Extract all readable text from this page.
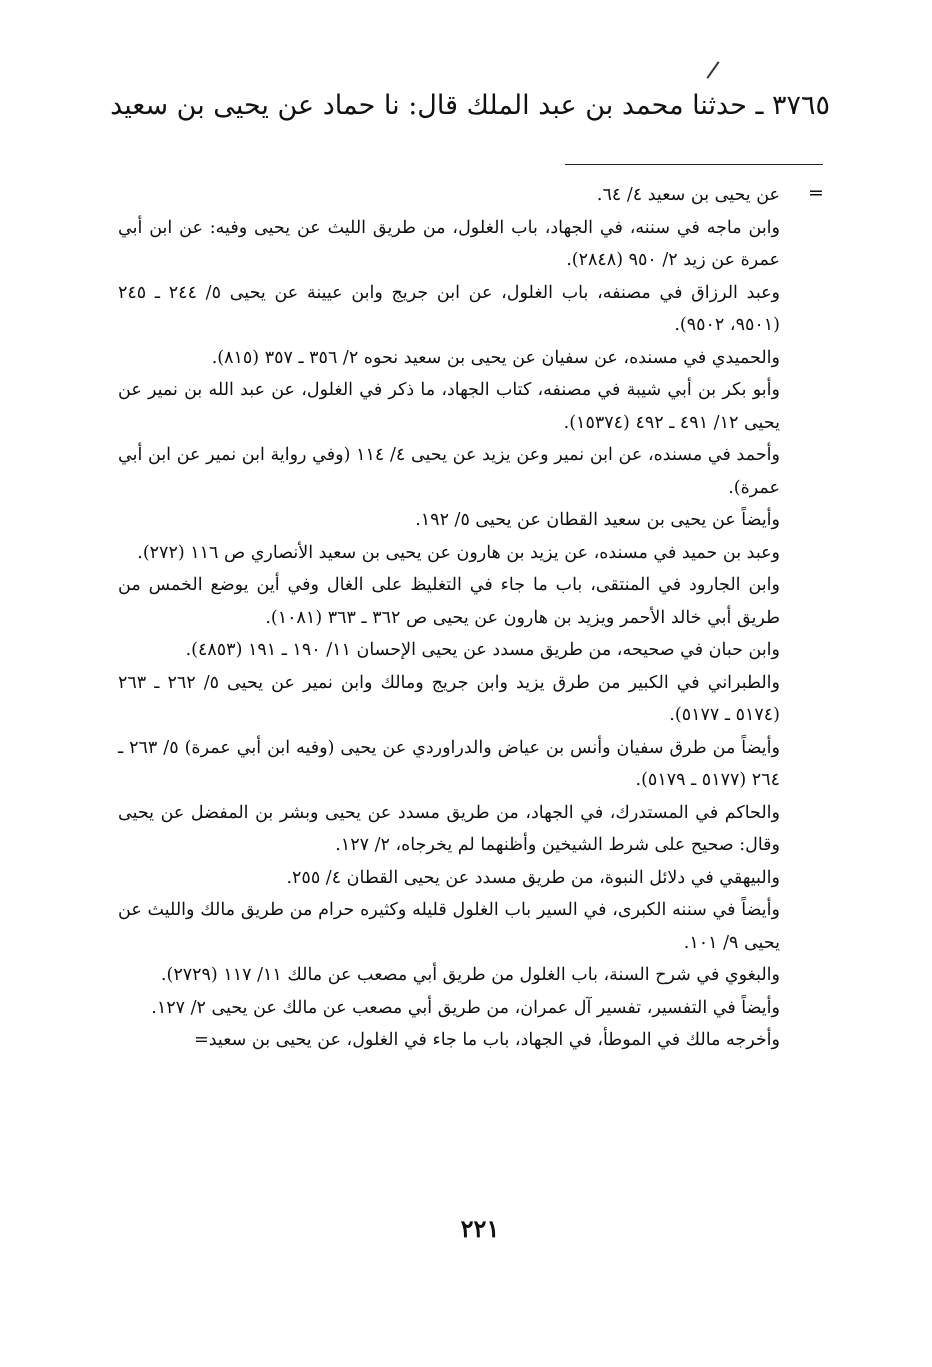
٣٧٦٥ ـ حدثنا محمد بن عبد الملك قال: نا حماد عن يحيى بن سعيد
=

عن يحيى بن سعيد ٤/ ٦٤.

وابن ماجه في سننه، في الجهاد، باب الغلول، من طريق الليث عن يحيى وفيه: عن ابن أبي عمرة عن زيد ٢/ ٩٥٠ (٢٨٤٨).

وعبد الرزاق في مصنفه، باب الغلول، عن ابن جريج وابن عيينة عن يحيى ٥/ ٢٤٤ ـ ٢٤٥ (٩٥٠١، ٩٥٠٢).

والحميدي في مسنده، عن سفيان عن يحيى بن سعيد نحوه ٢/ ٣٥٦ ـ ٣٥٧ (٨١٥).

وأبو بكر بن أبي شيبة في مصنفه، كتاب الجهاد، ما ذكر في الغلول، عن عبد الله بن نمير عن يحيى ١٢/ ٤٩١ ـ ٤٩٢ (١٥٣٧٤).

وأحمد في مسنده، عن ابن نمير وعن يزيد عن يحيى ٤/ ١١٤ (وفي رواية ابن نمير عن ابن أبي عمرة).

وأيضاً عن يحيى بن سعيد القطان عن يحيى ٥/ ١٩٢.

وعبد بن حميد في مسنده، عن يزيد بن هارون عن يحيى بن سعيد الأنصاري ص ١١٦ (٢٧٢).

وابن الجارود في المنتقى، باب ما جاء في التغليظ على الغال وفي أين يوضع الخمس من طريق أبي خالد الأحمر ويزيد بن هارون عن يحيى ص ٣٦٢ ـ ٣٦٣ (١٠٨١).

وابن حبان في صحيحه، من طريق مسدد عن يحيى الإحسان ١١/ ١٩٠ ـ ١٩١ (٤٨٥٣).

والطبراني في الكبير من طرق يزيد وابن جريج ومالك وابن نمير عن يحيى ٥/ ٢٦٢ ـ ٢٦٣ (٥١٧٤ ـ ٥١٧٧).

وأيضاً من طرق سفيان وأنس بن عياض والدراوردي عن يحيى (وفيه ابن أبي عمرة) ٥/ ٢٦٣ ـ ٢٦٤ (٥١٧٧ ـ ٥١٧٩).

والحاكم في المستدرك، في الجهاد، من طريق مسدد عن يحيى وبشر بن المفضل عن يحيى وقال: صحيح على شرط الشيخين وأظنهما لم يخرجاه، ٢/ ١٢٧.

والبيهقي في دلائل النبوة، من طريق مسدد عن يحيى القطان ٤/ ٢٥٥.

وأيضاً في سننه الكبرى، في السير باب الغلول قليله وكثيره حرام من طريق مالك والليث عن يحيى ٩/ ١٠١.

والبغوي في شرح السنة، باب الغلول من طريق أبي مصعب عن مالك ١١/ ١١٧ (٢٧٢٩).

وأيضاً في التفسير، تفسير آل عمران، من طريق أبي مصعب عن مالك عن يحيى ٢/ ١٢٧.

وأخرجه مالك في الموطأ، في الجهاد، باب ما جاء في الغلول، عن يحيى بن سعيد=

٢٢١
